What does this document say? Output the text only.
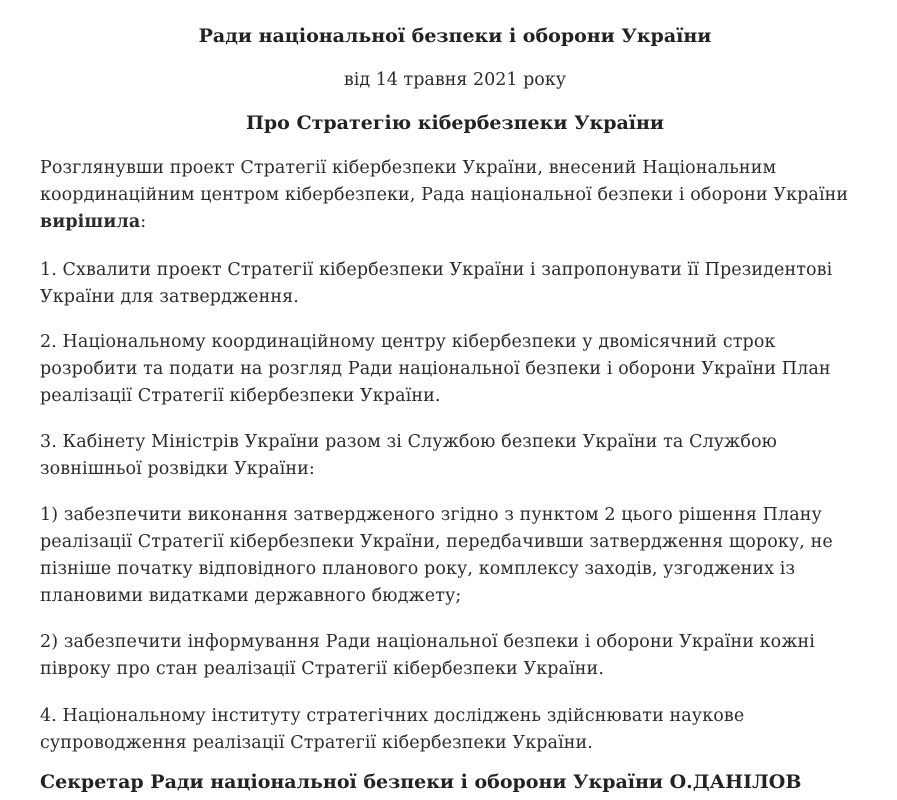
Ради національної безпеки і оборони України
від 14 травня 2021 року
Про Стратегію кібербезпеки України

Розглянувши проект Стратегії кібербезпеки України, внесений Національним координаційним центром кібербезпеки, Рада національної безпеки і оборони України вирішила:

1. Схвалити проект Стратегії кібербезпеки України і запропонувати її Президентові України для затвердження.

2. Національному координаційному центру кібербезпеки у двомісячний строк розробити та подати на розгляд Ради національної безпеки і оборони України План реалізації Стратегії кібербезпеки України.

3. Кабінету Міністрів України разом зі Службою безпеки України та Службою зовнішньої розвідки України:

1) забезпечити виконання затвердженого згідно з пунктом 2 цього рішення Плану реалізації Стратегії кібербезпеки України, передбачивши затвердження щороку, не пізніше початку відповідного планового року, комплексу заходів, узгоджених із плановими видатками державного бюджету;

2) забезпечити інформування Ради національної безпеки і оборони України кожні півроку про стан реалізації Стратегії кібербезпеки України.

4. Національному інституту стратегічних досліджень здійснювати наукове супроводження реалізації Стратегії кібербезпеки України.

Секретар Ради національної безпеки і оборони України О.ДАНІЛОВ
